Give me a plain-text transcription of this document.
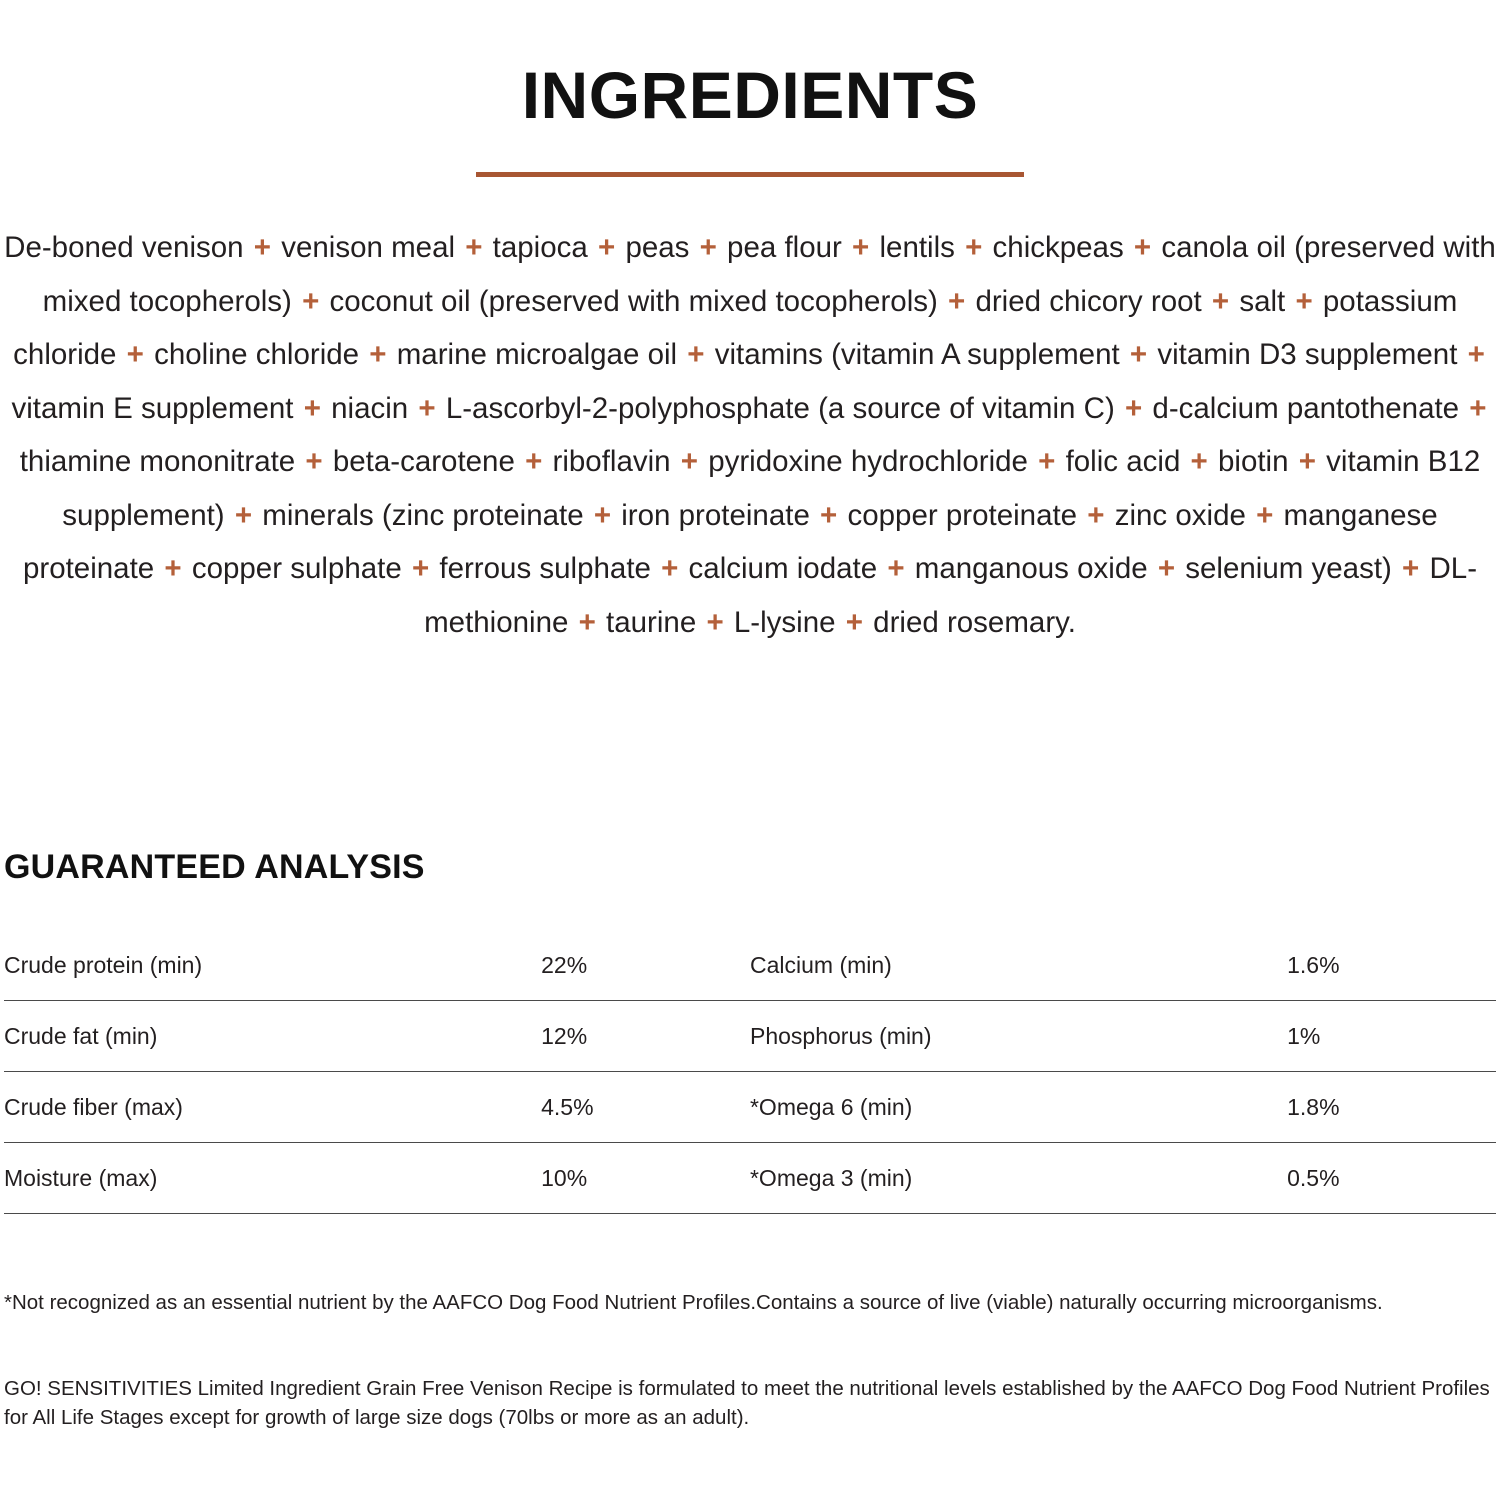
INGREDIENTS
De-boned venison + venison meal + tapioca + peas + pea flour + lentils + chickpeas + canola oil (preserved with mixed tocopherols) + coconut oil (preserved with mixed tocopherols) + dried chicory root + salt + potassium chloride + choline chloride + marine microalgae oil + vitamins (vitamin A supplement + vitamin D3 supplement + vitamin E supplement + niacin + L-ascorbyl-2-polyphosphate (a source of vitamin C) + d-calcium pantothenate + thiamine mononitrate + beta-carotene + riboflavin + pyridoxine hydrochloride + folic acid + biotin + vitamin B12 supplement) + minerals (zinc proteinate + iron proteinate + copper proteinate + zinc oxide + manganese proteinate + copper sulphate + ferrous sulphate + calcium iodate + manganous oxide + selenium yeast) + DL-methionine + taurine + L-lysine + dried rosemary.
GUARANTEED ANALYSIS
Crude protein (min)	22%	Calcium (min)	1.6%
Crude fat (min)	12%	Phosphorus (min)	1%
Crude fiber (max)	4.5%	*Omega 6 (min)	1.8%
Moisture (max)	10%	*Omega 3 (min)	0.5%
*Not recognized as an essential nutrient by the AAFCO Dog Food Nutrient Profiles.Contains a source of live (viable) naturally occurring microorganisms.
GO! SENSITIVITIES Limited Ingredient Grain Free Venison Recipe is formulated to meet the nutritional levels established by the AAFCO Dog Food Nutrient Profiles for All Life Stages except for growth of large size dogs (70lbs or more as an adult).
